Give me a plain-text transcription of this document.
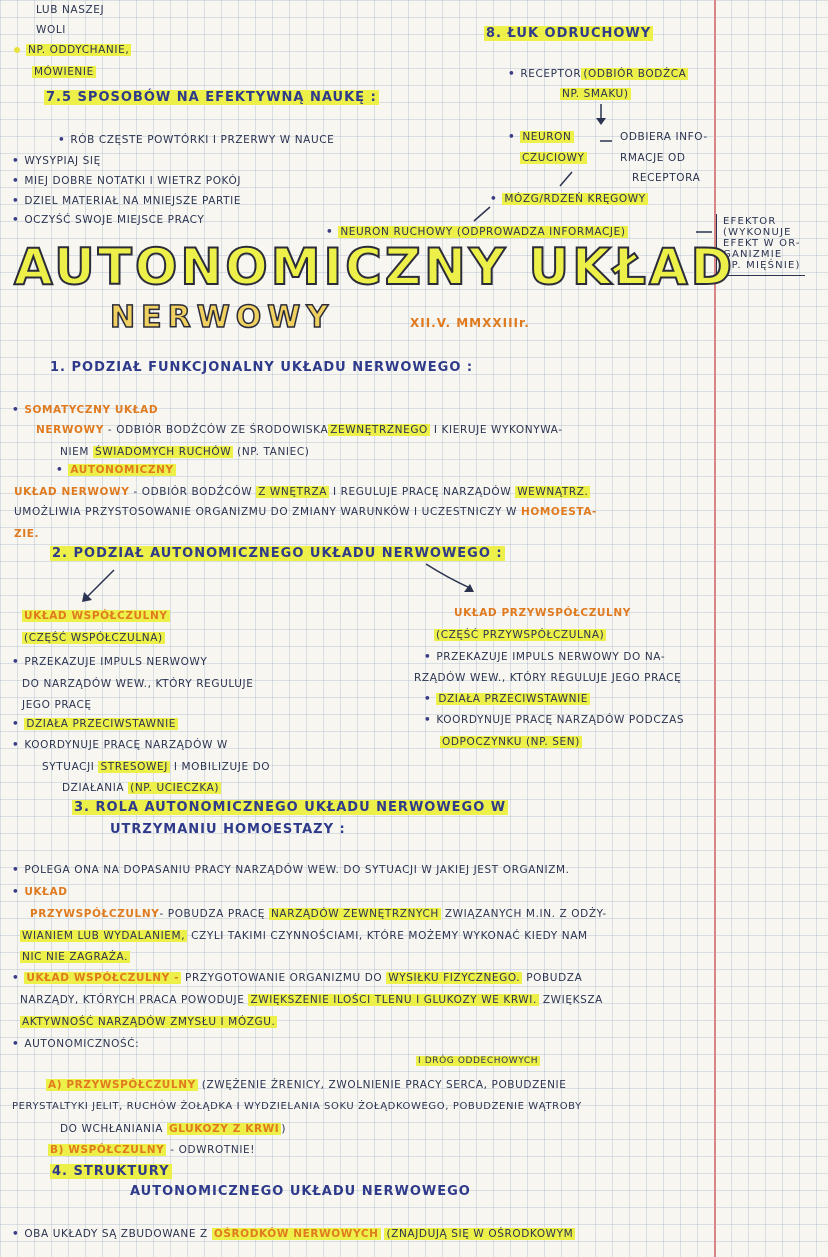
LUB NASZEJ
WOLI
NP. ODDYCHANIE,
MÓWIENIE
7.5 SPOSOBÓW NA EFEKTYWNĄ NAUKĘ :
• RÓB CZĘSTE POWTÓRKI I PRZERWY W NAUCE
• WYSYPIAJ SIĘ
• MIEJ DOBRE NOTATKI I WIETRZ POKÓJ
• DZIEL MATERIAŁ NA MNIEJSZE PARTIE
• OCZYŚĆ SWOJE MIEJSCE PRACY
8. ŁUK ODRUCHOWY
• RECEPTOR (ODBIÓR BODŹCA
NP. SMAKU)
• NEURON
CZUCIOWY
ODBIERA INFO-
RMACJE OD
RECEPTORA
• MÓZG/RDZEŃ KRĘGOWY
• NEURON RUCHOWY (ODPROWADZA INFORMACJE)
EFEKTOR
(WYKONUJE
EFEKT W OR-
GANIZMIE
NP. MIĘŚNIE)
AUTONOMICZNY UKŁAD
NERWOWY	XII.V. MMXXIIIr.
1. PODZIAŁ FUNKCJONALNY UKŁADU NERWOWEGO :
• SOMATYCZNY UKŁAD
NERWOWY - ODBIÓR BODŹCÓW ZE ŚRODOWISKA ZEWNĘTRZNEGO I KIERUJE WYKONYWA-
NIEM ŚWIADOMYCH RUCHÓW (NP. TANIEC)
• AUTONOMICZNY
UKŁAD NERWOWY - ODBIÓR BODŹCÓW Z WNĘTRZA I REGULUJE PRACĘ NARZĄDÓW WEWNĄTRZ.
UMOŻLIWIA PRZYSTOSOWANIE ORGANIZMU DO ZMIANY WARUNKÓW I UCZESTNICZY W HOMOESTA-
ZIE.
2. PODZIAŁ AUTONOMICZNEGO UKŁADU NERWOWEGO :
UKŁAD WSPÓŁCZULNY
(CZĘŚĆ WSPÓŁCZULNA)
• PRZEKAZUJE IMPULS NERWOWY
DO NARZĄDÓW WEW., KTÓRY REGULUJE
JEGO PRACĘ
• DZIAŁA PRZECIWSTAWNIE
• KOORDYNUJE PRACĘ NARZĄDÓW W
SYTUACJI STRESOWEJ I MOBILIZUJE DO
DZIAŁANIA (NP. UCIECZKA)
UKŁAD PRZYWSPÓŁCZULNY
(CZĘŚĆ PRZYWSPÓŁCZULNA)
• PRZEKAZUJE IMPULS NERWOWY DO NA-
RZĄDÓW WEW., KTÓRY REGULUJE JEGO PRACĘ
• DZIAŁA PRZECIWSTAWNIE
• KOORDYNUJE PRACĘ NARZĄDÓW PODCZAS
ODPOCZYNKU (NP. SEN)
3. ROLA AUTONOMICZNEGO UKŁADU NERWOWEGO W
UTRZYMANIU HOMOESTAZY :
• POLEGA ONA NA DOPASANIU PRACY NARZĄDÓW WEW. DO SYTUACJI W JAKIEJ JEST ORGANIZM.
• UKŁAD
PRZYWSPÓŁCZULNY- POBUDZA PRACĘ NARZĄDÓW ZEWNĘTRZNYCH ZWIĄZANYCH M.IN. Z ODŻY-
WIANIEM LUB WYDALANIEM, CZYLI TAKIMI CZYNNOŚCIAMI, KTÓRE MOŻEMY WYKONAĆ KIEDY NAM
NIC NIE ZAGRAŻA.
• UKŁAD WSPÓŁCZULNY - PRZYGOTOWANIE ORGANIZMU DO WYSIŁKU FIZYCZNEGO. POBUDZA
NARZĄDY, KTÓRYCH PRACA POWODUJE ZWIĘKSZENIE ILOŚCI TLENU I GLUKOZY WE KRWI. ZWIĘKSZA
AKTYWNOŚĆ NARZĄDÓW ZMYSŁU I MÓZGU.
• AUTONOMICZNOŚĆ:
I DRÓG ODDECHOWYCH
A) PRZYWSPÓŁCZULNY (ZWĘŻENIE ŹRENICY, ZWOLNIENIE PRACY SERCA, POBUDZENIE
PERYSTALTYKI JELIT, RUCHÓW ŻOŁĄDKA I WYDZIELANIA SOKU ŻOŁĄDKOWEGO, POBUDZENIE WĄTROBY
DO WCHŁANIANIA GLUKOZY Z KRWI )
B) WSPÓŁCZULNY - ODWROTNIE!
4. STRUKTURY
AUTONOMICZNEGO UKŁADU NERWOWEGO
• OBA UKŁADY SĄ ZBUDOWANE Z OŚRODKÓW NERWOWYCH (ZNAJDUJĄ SIĘ W OŚRODKOWYM
